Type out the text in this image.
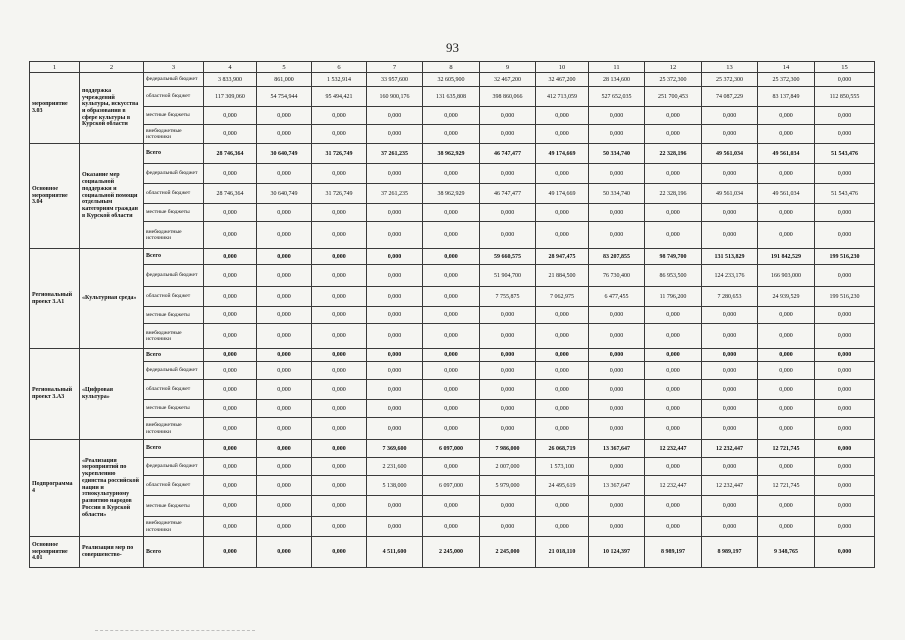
93
1	2	3	4	5	6	7	8	9	10	11	12	13	14	15
мероприятие 3.03	поддержка учреждений культуры, искусства и образования в сфере культуры в Курской области	федеральный бюджет	3 833,900	861,000	1 532,914	33 957,600	32 605,900	32 467,200	32 467,200	28 134,600	25 372,300	25 372,300	25 372,300	0,000
		областной бюджет	117 309,060	54 754,944	95 494,421	160 900,176	131 635,808	398 860,066	412 713,059	527 652,035	251 700,453	74 087,229	83 137,849	112 850,555
		местные бюджеты	0,000	0,000	0,000	0,000	0,000	0,000	0,000	0,000	0,000	0,000	0,000	0,000
		внебюджетные источники	0,000	0,000	0,000	0,000	0,000	0,000	0,000	0,000	0,000	0,000	0,000	0,000
Основное мероприятие 3.04	Оказание мер социальной поддержки и социальной помощи отдельным категориям граждан в Курской области	Всего	28 746,364	30 640,749	31 726,749	37 261,235	38 962,929	46 747,477	49 174,669	50 334,740	22 328,196	49 561,034	49 561,034	51 543,476
		федеральный бюджет	0,000	0,000	0,000	0,000	0,000	0,000	0,000	0,000	0,000	0,000	0,000	0,000
		областной бюджет	28 746,364	30 640,749	31 726,749	37 261,235	38 962,929	46 747,477	49 174,669	50 334,740	22 328,196	49 561,034	49 561,034	51 543,476
		местные бюджеты	0,000	0,000	0,000	0,000	0,000	0,000	0,000	0,000	0,000	0,000	0,000	0,000
		внебюджетные источники	0,000	0,000	0,000	0,000	0,000	0,000	0,000	0,000	0,000	0,000	0,000	0,000
Региональный проект 3.А1	«Культурная среда»	Всего	0,000	0,000	0,000	0,000	0,000	59 660,575	28 947,475	83 207,855	98 749,700	131 513,829	191 842,529	199 516,230
		федеральный бюджет	0,000	0,000	0,000	0,000	0,000	51 904,700	21 884,500	76 730,400	86 953,500	124 233,176	166 903,000	0,000
		областной бюджет	0,000	0,000	0,000	0,000	0,000	7 755,875	7 062,975	6 477,455	11 796,200	7 280,653	24 939,529	199 516,230
		местные бюджеты	0,000	0,000	0,000	0,000	0,000	0,000	0,000	0,000	0,000	0,000	0,000	0,000
		внебюджетные источники	0,000	0,000	0,000	0,000	0,000	0,000	0,000	0,000	0,000	0,000	0,000	0,000
Региональный проект 3.А3	«Цифровая культура»	Всего	0,000	0,000	0,000	0,000	0,000	0,000	0,000	0,000	0,000	0,000	0,000	0,000
		федеральный бюджет	0,000	0,000	0,000	0,000	0,000	0,000	0,000	0,000	0,000	0,000	0,000	0,000
		областной бюджет	0,000	0,000	0,000	0,000	0,000	0,000	0,000	0,000	0,000	0,000	0,000	0,000
		местные бюджеты	0,000	0,000	0,000	0,000	0,000	0,000	0,000	0,000	0,000	0,000	0,000	0,000
		внебюджетные источники	0,000	0,000	0,000	0,000	0,000	0,000	0,000	0,000	0,000	0,000	0,000	0,000
Подпрограмма 4	«Реализация мероприятий по укреплению единства российской нации и этнокультурному развитию народов России в Курской области»	Всего	0,000	0,000	0,000	7 369,600	6 097,000	7 986,000	26 068,719	13 367,647	12 232,447	12 232,447	12 721,745	0,000
		федеральный бюджет	0,000	0,000	0,000	2 231,600	0,000	2 007,000	1 573,100	0,000	0,000	0,000	0,000	0,000
		областной бюджет	0,000	0,000	0,000	5 138,000	6 097,000	5 979,000	24 495,619	13 367,647	12 232,447	12 232,447	12 721,745	0,000
		местные бюджеты	0,000	0,000	0,000	0,000	0,000	0,000	0,000	0,000	0,000	0,000	0,000	0,000
		внебюджетные источники	0,000	0,000	0,000	0,000	0,000	0,000	0,000	0,000	0,000	0,000	0,000	0,000
Основное мероприятие 4.01	Реализация мер по совершенство-	Всего	0,000	0,000	0,000	4 511,600	2 245,000	2 245,000	21 018,110	10 124,397	8 989,197	8 989,197	9 348,765	0,000
